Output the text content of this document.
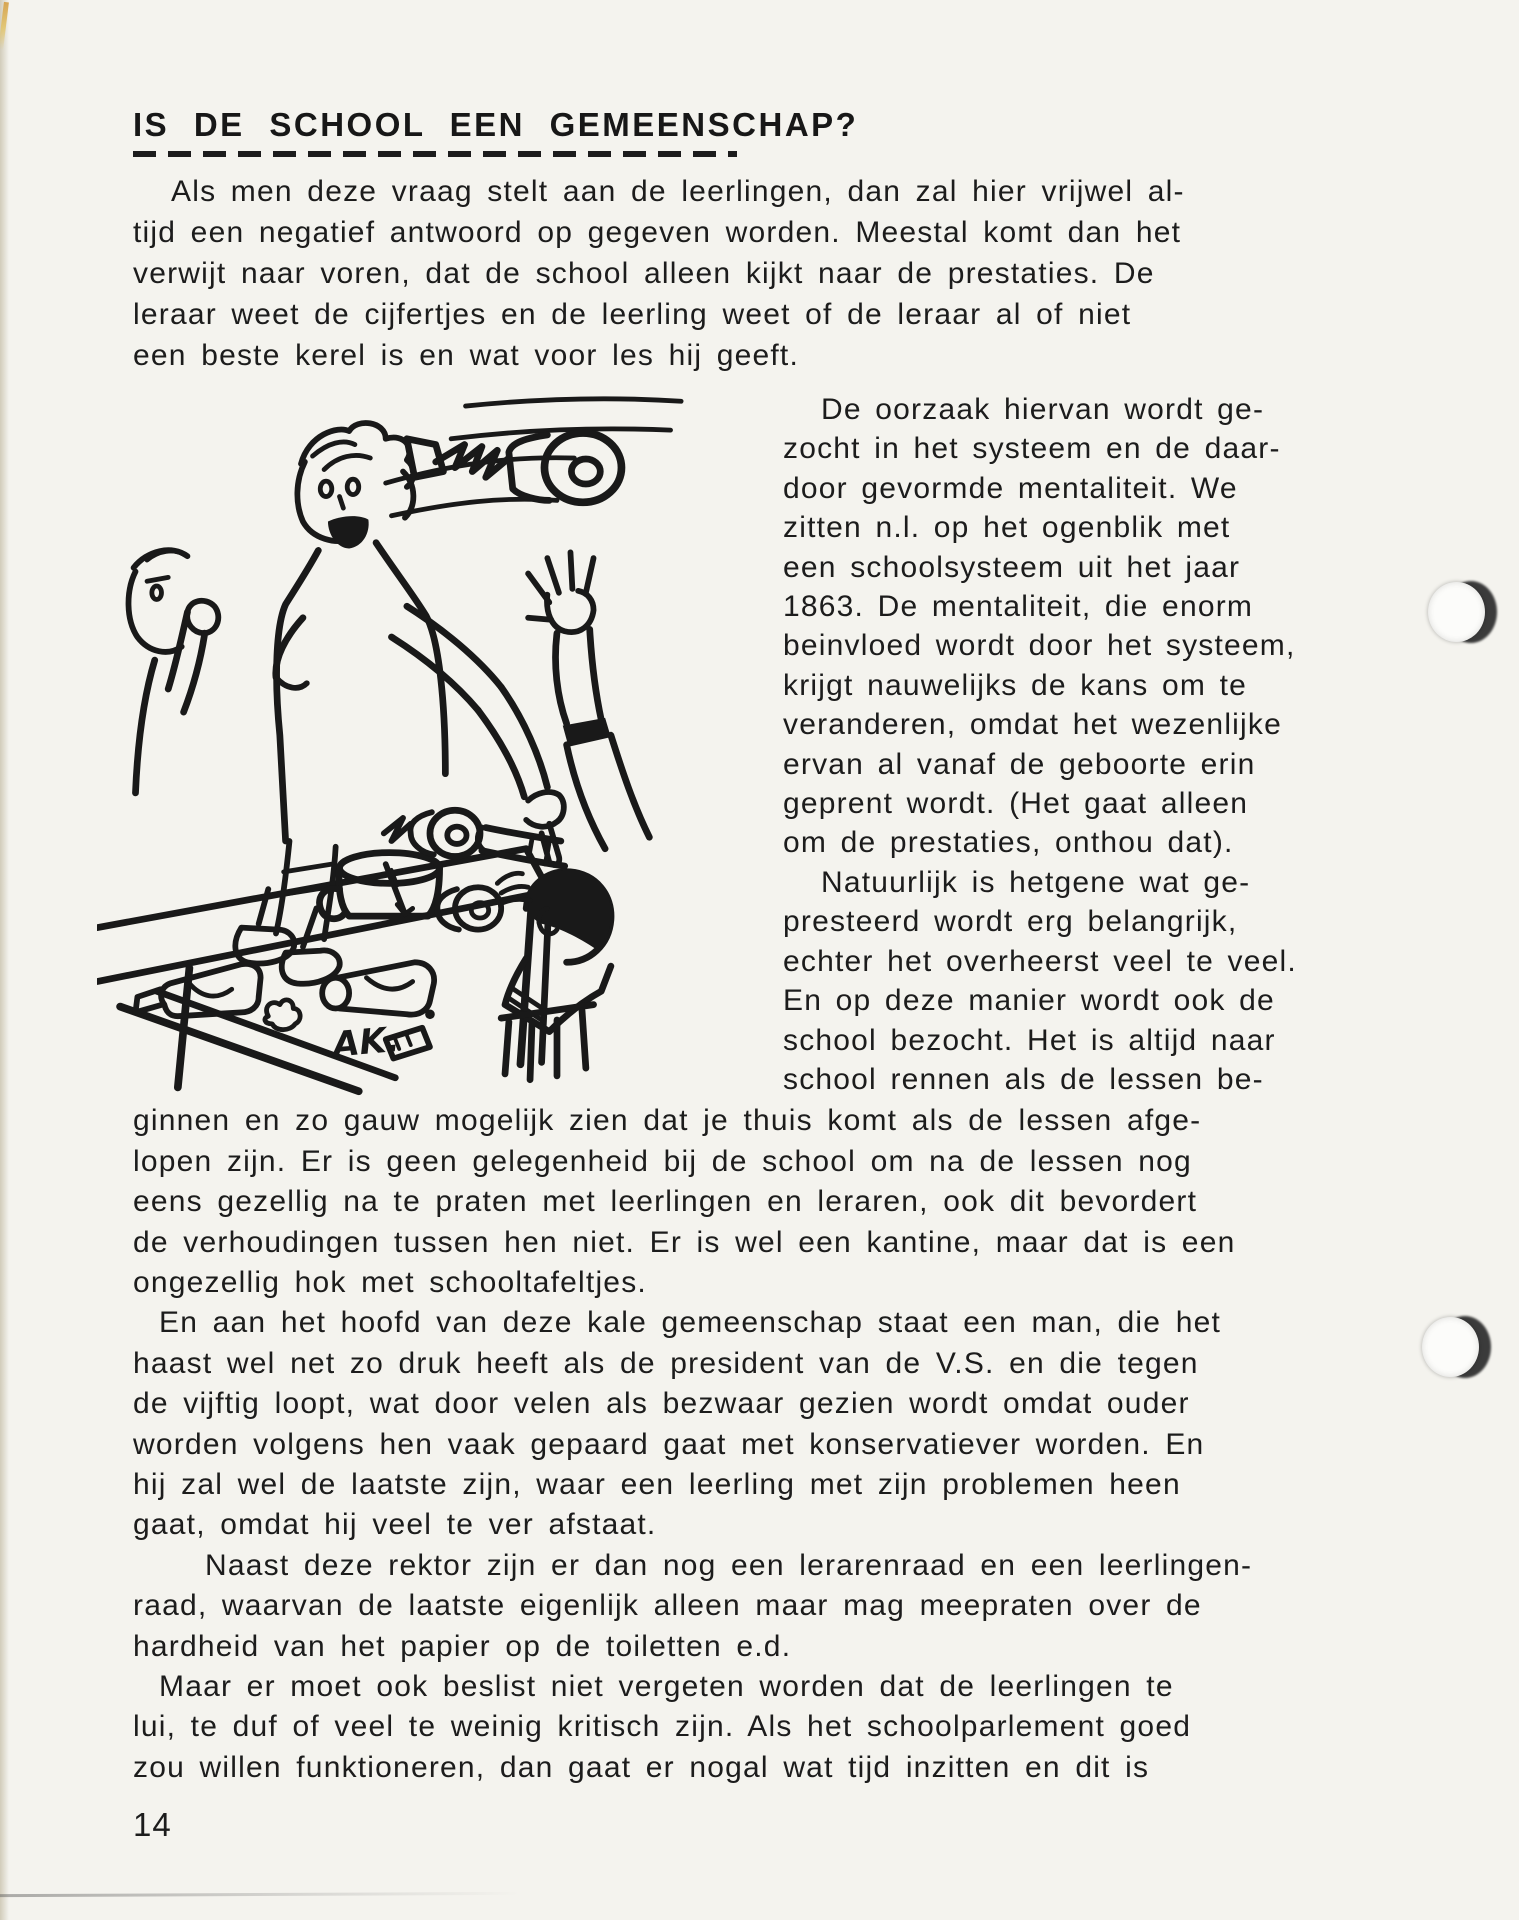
IS DE SCHOOL EEN GEMEENSCHAP?
Als men deze vraag stelt aan de leerlingen, dan zal hier vrijwel al-
tijd een negatief antwoord op gegeven worden. Meestal komt dan het
verwijt naar voren, dat de school alleen kijkt naar de prestaties. De
leraar weet de cijfertjes en de leerling weet of de leraar al of niet
een beste kerel is en wat voor les hij geeft.
AK.
De oorzaak hiervan wordt ge-
zocht in het systeem en de daar-
door gevormde mentaliteit. We
zitten n.l. op het ogenblik met
een schoolsysteem uit het jaar
1863. De mentaliteit, die enorm
beinvloed wordt door het systeem,
krijgt nauwelijks de kans om te
veranderen, omdat het wezenlijke
ervan al vanaf de geboorte erin
geprent wordt. (Het gaat alleen
om de prestaties, onthou dat).
Natuurlijk is hetgene wat ge-
presteerd wordt erg belangrijk,
echter het overheerst veel te veel.
En op deze manier wordt ook de
school bezocht. Het is altijd naar
school rennen als de lessen be-
ginnen en zo gauw mogelijk zien dat je thuis komt als de lessen afge-
lopen zijn. Er is geen gelegenheid bij de school om na de lessen nog
eens gezellig na te praten met leerlingen en leraren, ook dit bevordert
de verhoudingen tussen hen niet. Er is wel een kantine, maar dat is een
ongezellig hok met schooltafeltjes.
En aan het hoofd van deze kale gemeenschap staat een man, die het
haast wel net zo druk heeft als de president van de V.S. en die tegen
de vijftig loopt, wat door velen als bezwaar gezien wordt omdat ouder
worden volgens hen vaak gepaard gaat met konservatiever worden. En
hij zal wel de laatste zijn, waar een leerling met zijn problemen heen
gaat, omdat hij veel te ver afstaat.
Naast deze rektor zijn er dan nog een lerarenraad en een leerlingen-
raad, waarvan de laatste eigenlijk alleen maar mag meepraten over de
hardheid van het papier op de toiletten e.d.
Maar er moet ook beslist niet vergeten worden dat de leerlingen te
lui, te duf of veel te weinig kritisch zijn. Als het schoolparlement goed
zou willen funktioneren, dan gaat er nogal wat tijd inzitten en dit is
14
